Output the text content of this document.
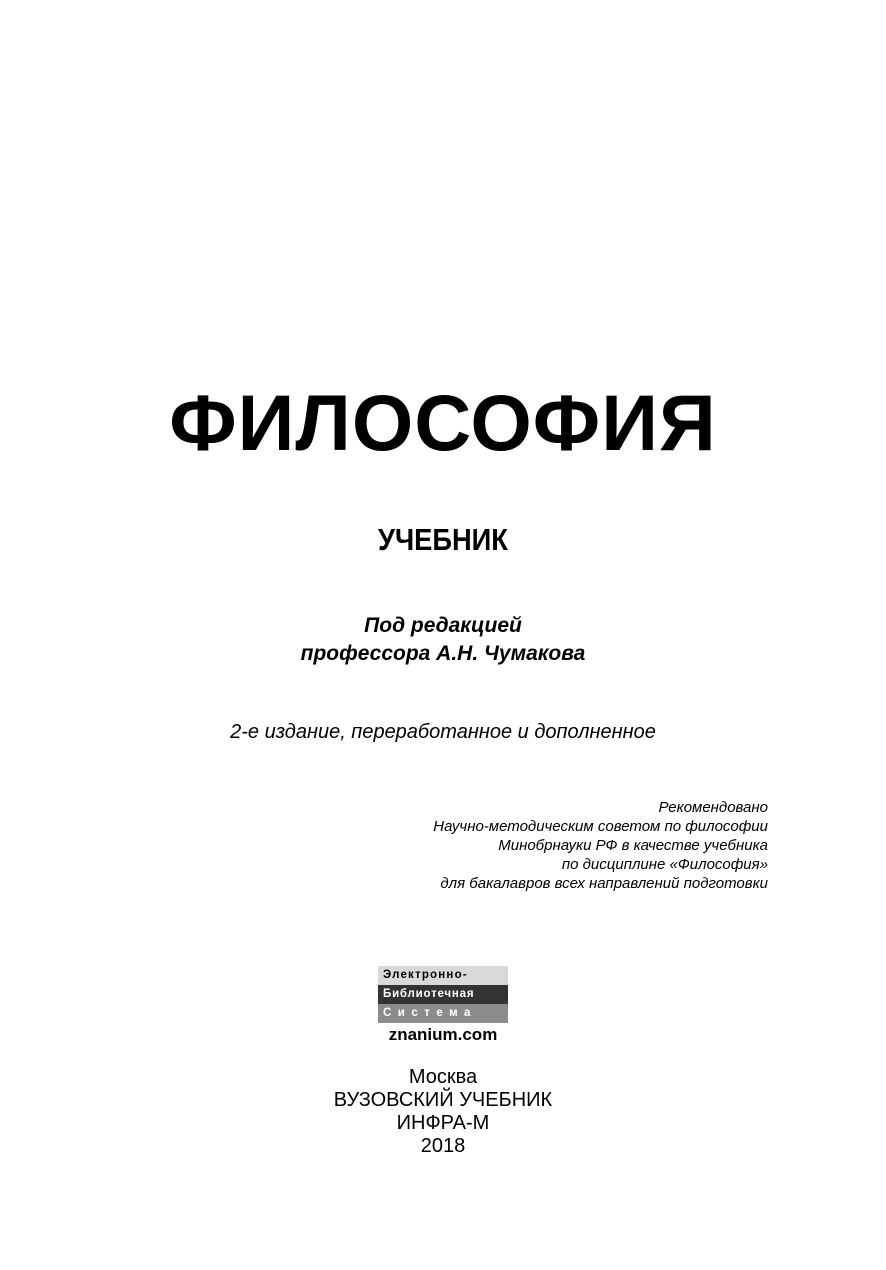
ФИЛОСОФИЯ
УЧЕБНИК
Под редакцией
профессора А.Н. Чумакова
2-е издание, переработанное и дополненное
Рекомендовано
Научно-методическим советом по философии
Минобрнауки РФ в качестве учебника
по дисциплине «Философия»
для бакалавров всех направлений подготовки
Электронно-
Библиотечная
Система
znanium.com
Москва
ВУЗОВСКИЙ УЧЕБНИК
ИНФРА-М
2018
